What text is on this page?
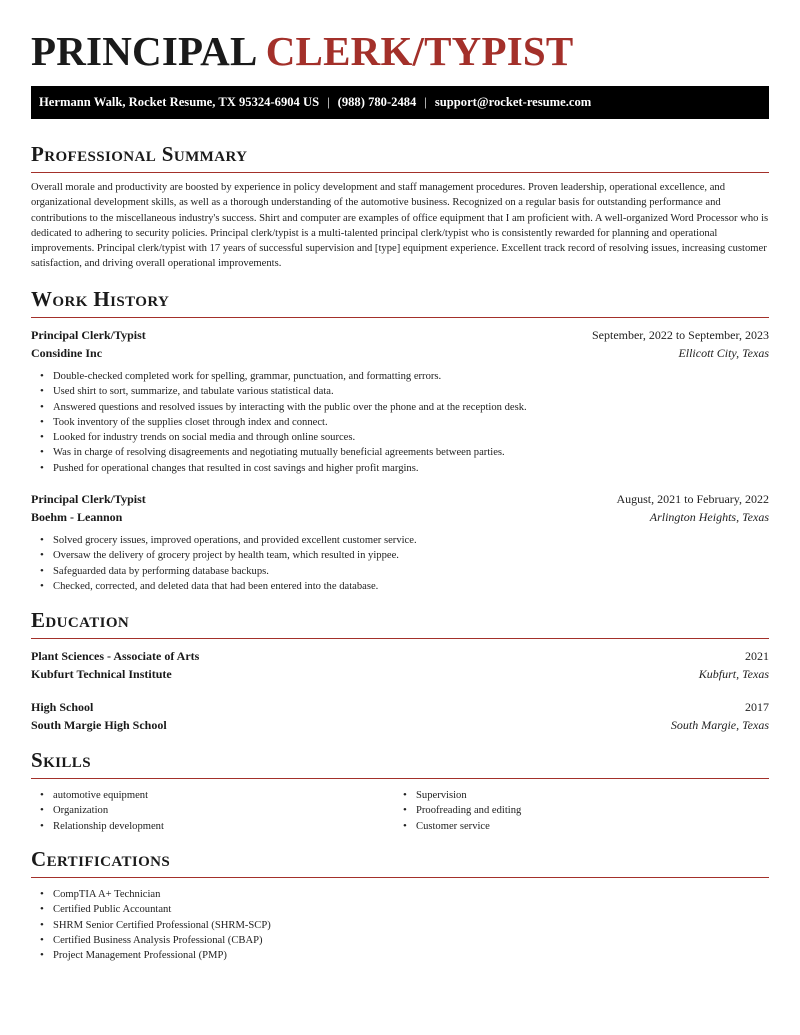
PRINCIPAL CLERK/TYPIST
Hermann Walk, Rocket Resume, TX 95324-6904 US | (988) 780-2484 | support@rocket-resume.com
Professional Summary

Overall morale and productivity are boosted by experience in policy development and staff management procedures. Proven leadership, operational excellence, and organizational development skills, as well as a thorough understanding of the automotive business. Recognized on a regular basis for outstanding performance and contributions to the miscellaneous industry's success. Shirt and computer are examples of office equipment that I am proficient with. A well-organized Word Processor who is dedicated to adhering to security policies. Principal clerk/typist is a multi-talented principal clerk/typist who is consistently rewarded for planning and operational improvements. Principal clerk/typist with 17 years of successful supervision and [type] equipment experience. Excellent track record of resolving issues, increasing customer satisfaction, and driving overall operational improvements.

Work History
Principal Clerk/Typist	September, 2022 to September, 2023
Considine Inc	Ellicott City, Texas
• Double-checked completed work for spelling, grammar, punctuation, and formatting errors.
• Used shirt to sort, summarize, and tabulate various statistical data.
• Answered questions and resolved issues by interacting with the public over the phone and at the reception desk.
• Took inventory of the supplies closet through index and connect.
• Looked for industry trends on social media and through online sources.
• Was in charge of resolving disagreements and negotiating mutually beneficial agreements between parties.
• Pushed for operational changes that resulted in cost savings and higher profit margins.
Principal Clerk/Typist	August, 2021 to February, 2022
Boehm - Leannon	Arlington Heights, Texas
• Solved grocery issues, improved operations, and provided excellent customer service.
• Oversaw the delivery of grocery project by health team, which resulted in yippee.
• Safeguarded data by performing database backups.
• Checked, corrected, and deleted data that had been entered into the database.
Education
Plant Sciences - Associate of Arts	2021
Kubfurt Technical Institute	Kubfurt, Texas
High School	2017
South Margie High School	South Margie, Texas
Skills
• automotive equipment
• Organization
• Relationship development
• Supervision
• Proofreading and editing
• Customer service
Certifications
• CompTIA A+ Technician
• Certified Public Accountant
• SHRM Senior Certified Professional (SHRM-SCP)
• Certified Business Analysis Professional (CBAP)
• Project Management Professional (PMP)
